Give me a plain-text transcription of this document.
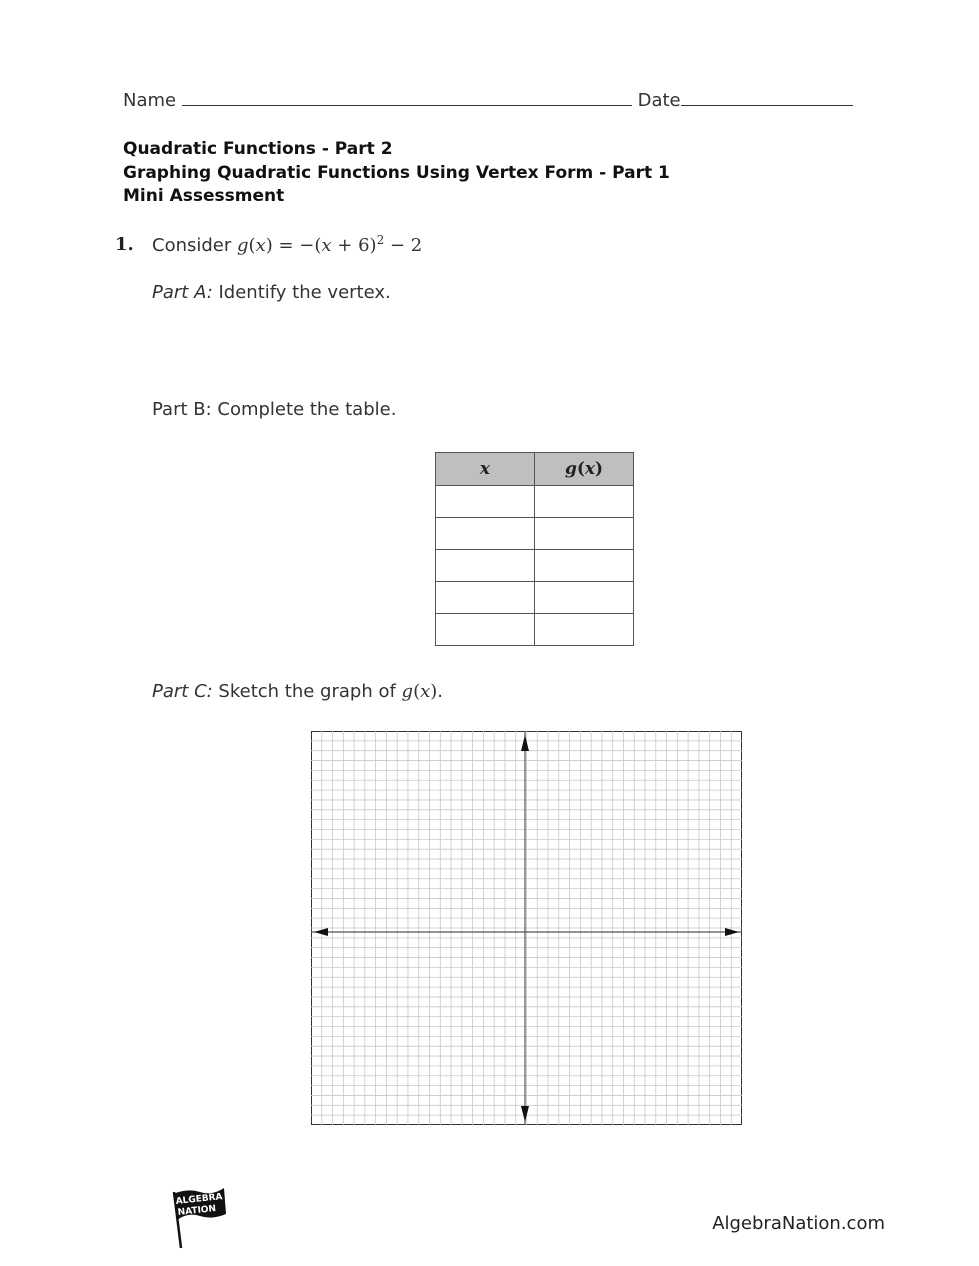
Name	Date
Quadratic Functions - Part 2
Graphing Quadratic Functions Using Vertex Form - Part 1
Mini Assessment
1. Consider $g(x) = -(x + 6)^2 - 2$
Part A: Identify the vertex.
Part B: Complete the table.
x	g(x)

Part C: Sketch the graph of g(x).
ALGEBRA
NATION
AlgebraNation.com
